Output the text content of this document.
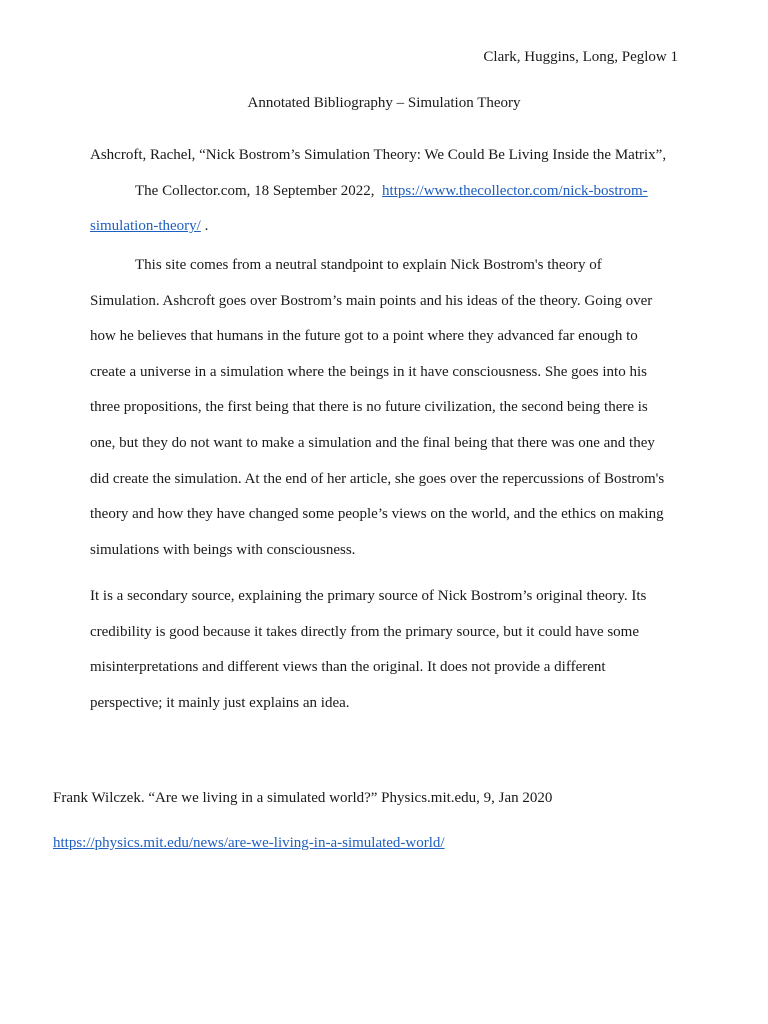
Clark, Huggins, Long, Peglow 1
Annotated Bibliography – Simulation Theory
Ashcroft, Rachel, “Nick Bostrom’s Simulation Theory: We Could Be Living Inside the Matrix”,
The Collector.com, 18 September 2022, https://www.thecollector.com/nick-bostrom-
simulation-theory/ .
This site comes from a neutral standpoint to explain Nick Bostrom's theory of
Simulation. Ashcroft goes over Bostrom’s main points and his ideas of the theory. Going over
how he believes that humans in the future got to a point where they advanced far enough to
create a universe in a simulation where the beings in it have consciousness. She goes into his
three propositions, the first being that there is no future civilization, the second being there is
one, but they do not want to make a simulation and the final being that there was one and they
did create the simulation. At the end of her article, she goes over the repercussions of Bostrom's
theory and how they have changed some people’s views on the world, and the ethics on making
simulations with beings with consciousness.
It is a secondary source, explaining the primary source of Nick Bostrom’s original theory. Its
credibility is good because it takes directly from the primary source, but it could have some
misinterpretations and different views than the original. It does not provide a different
perspective; it mainly just explains an idea.
Frank Wilczek. “Are we living in a simulated world?” Physics.mit.edu, 9, Jan 2020
https://physics.mit.edu/news/are-we-living-in-a-simulated-world/
